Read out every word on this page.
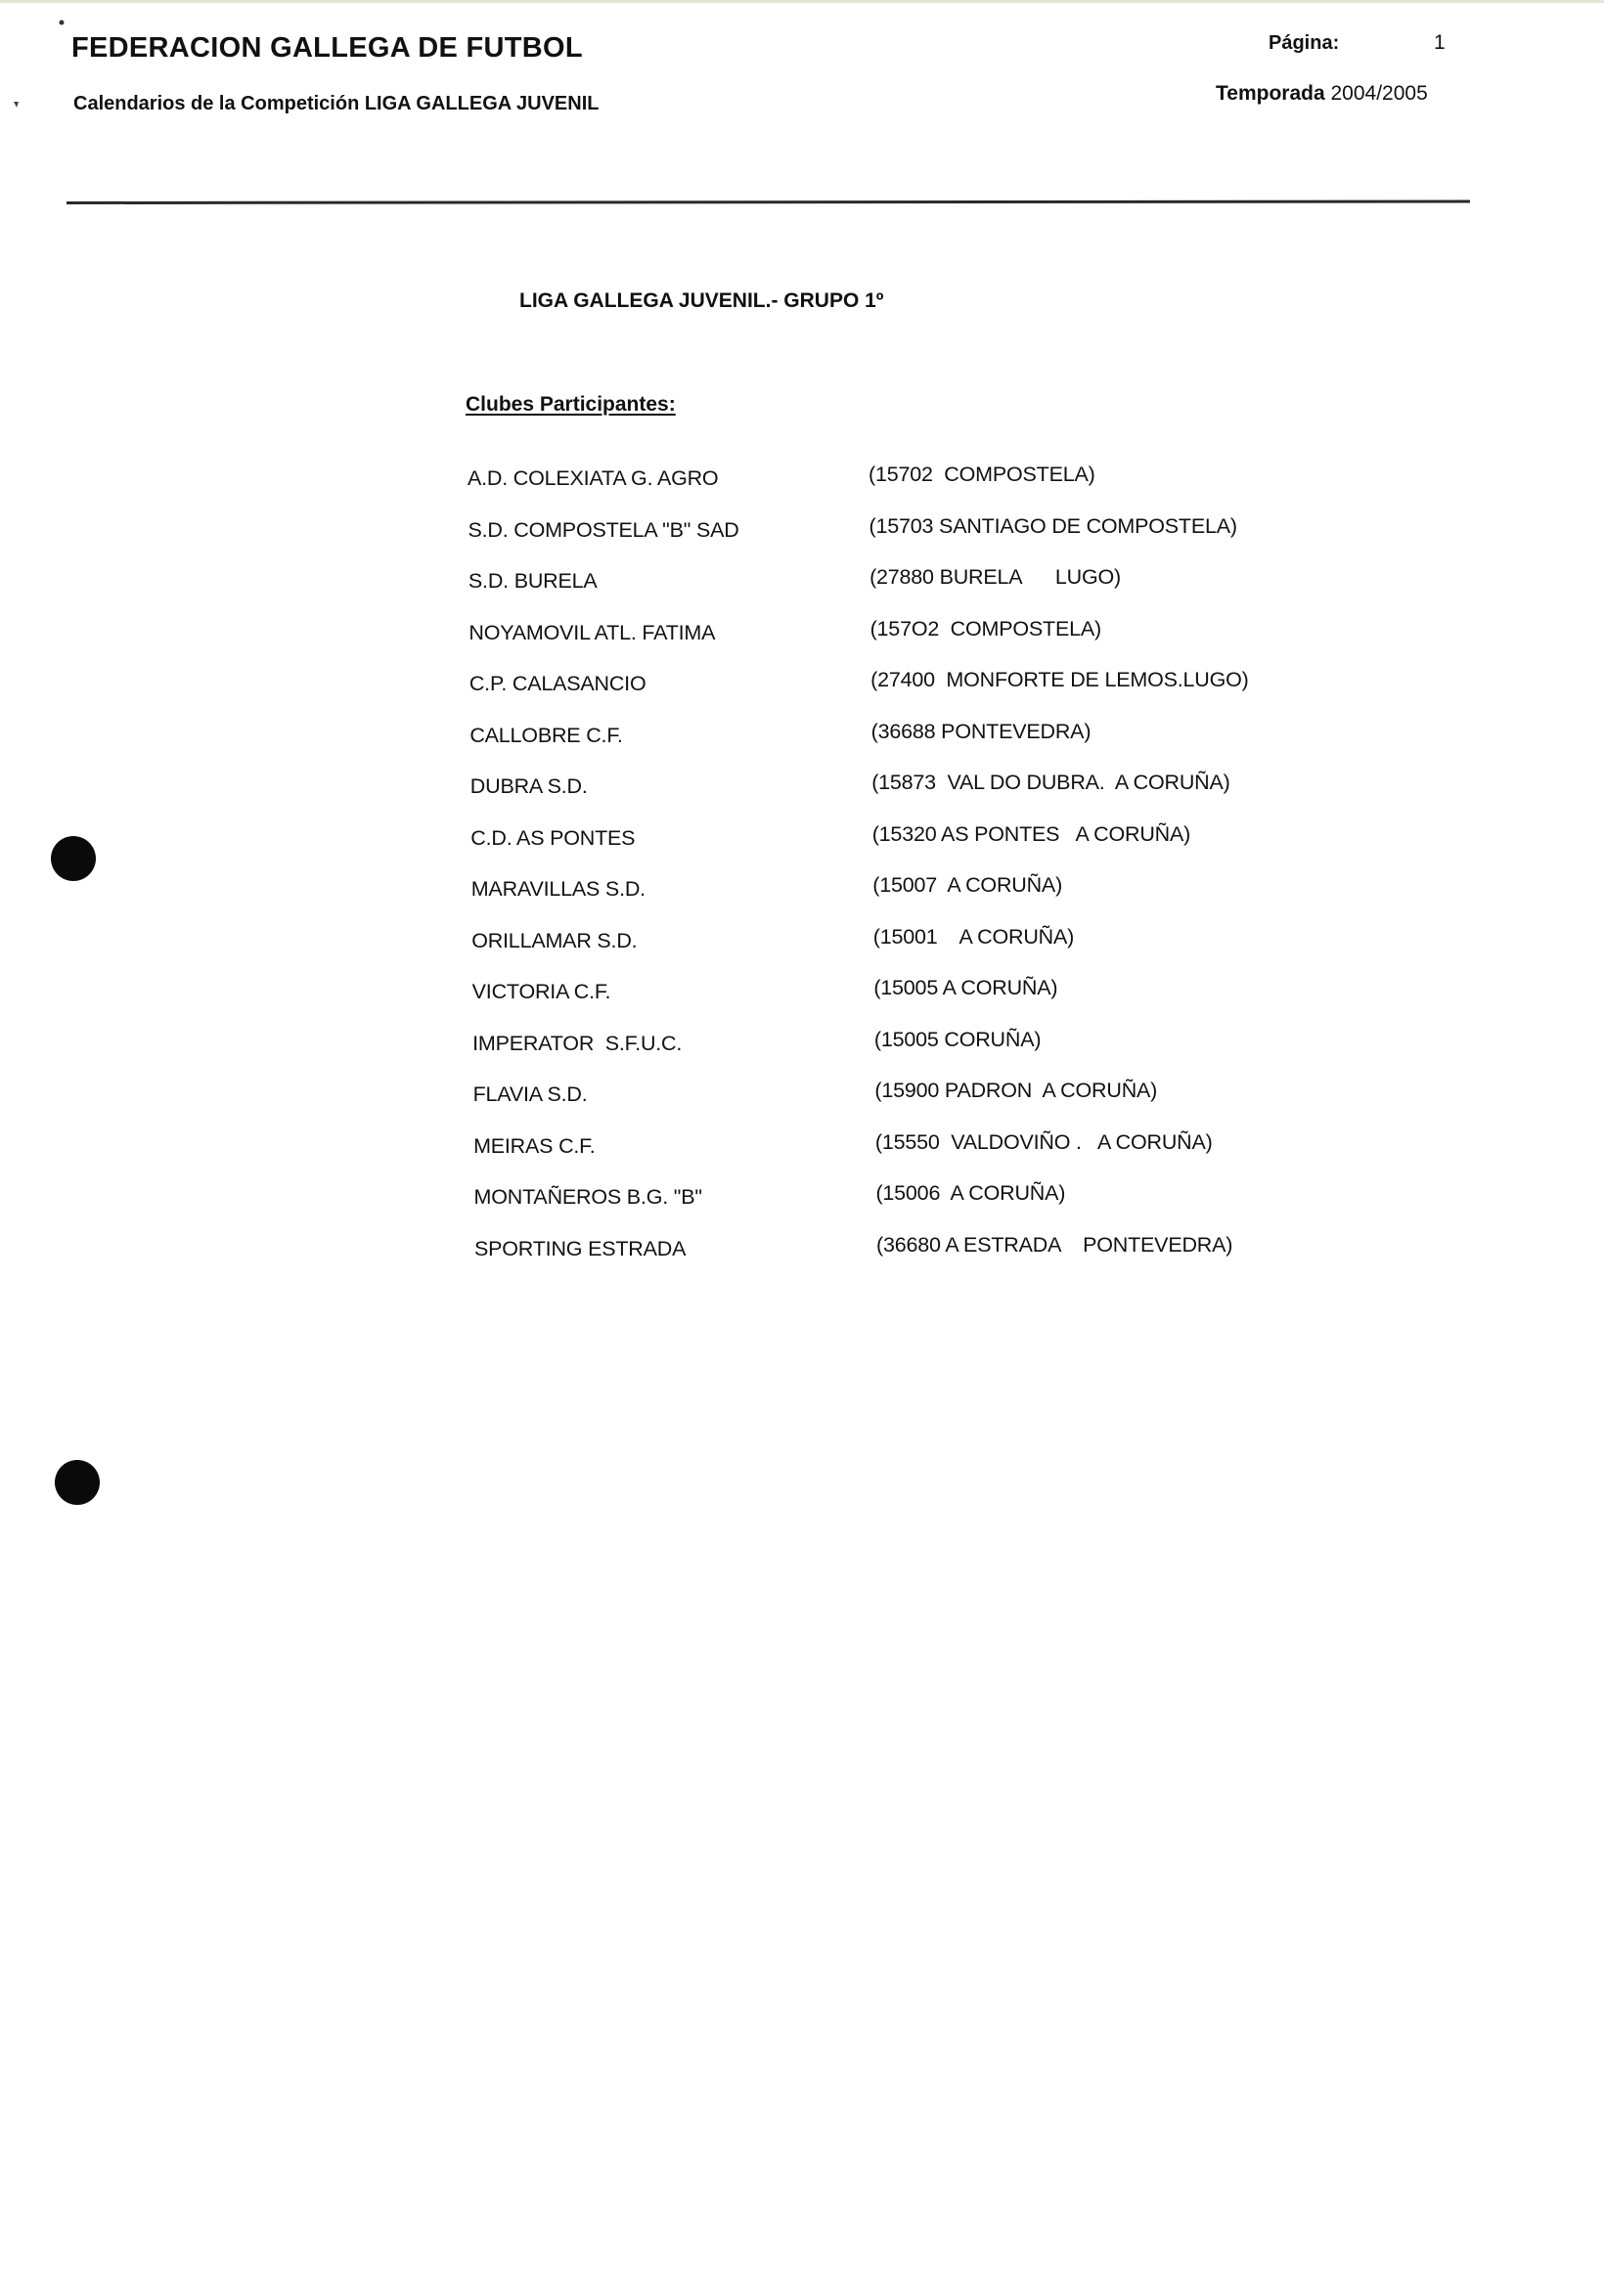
FEDERACION GALLEGA DE FUTBOL
Calendarios de la Competición LIGA GALLEGA JUVENIL
Página:	1
Temporada 2004/2005
LIGA GALLEGA JUVENIL.- GRUPO 1º
Clubes Participantes:
A.D. COLEXIATA G. AGRO	(15702  COMPOSTELA)
S.D. COMPOSTELA "B" SAD	(15703 SANTIAGO DE COMPOSTELA)
S.D. BURELA	(27880 BURELA      LUGO)
NOYAMOVIL ATL. FATIMA	(157O2  COMPOSTELA)
C.P. CALASANCIO	(27400  MONFORTE DE LEMOS.LUGO)
CALLOBRE C.F.	(36688 PONTEVEDRA)
DUBRA S.D.	(15873  VAL DO DUBRA.  A CORUÑA)
C.D. AS PONTES	(15320 AS PONTES   A CORUÑA)
MARAVILLAS S.D.	(15007  A CORUÑA)
ORILLAMAR S.D.	(15001    A CORUÑA)
VICTORIA C.F.	(15005 A CORUÑA)
IMPERATOR  S.F.U.C.	(15005 CORUÑA)
FLAVIA S.D.	(15900 PADRON  A CORUÑA)
MEIRAS C.F.	(15550  VALDOVIÑO .   A CORUÑA)
MONTAÑEROS B.G. "B"	(15006  A CORUÑA)
SPORTING ESTRADA	(36680 A ESTRADA    PONTEVEDRA)
